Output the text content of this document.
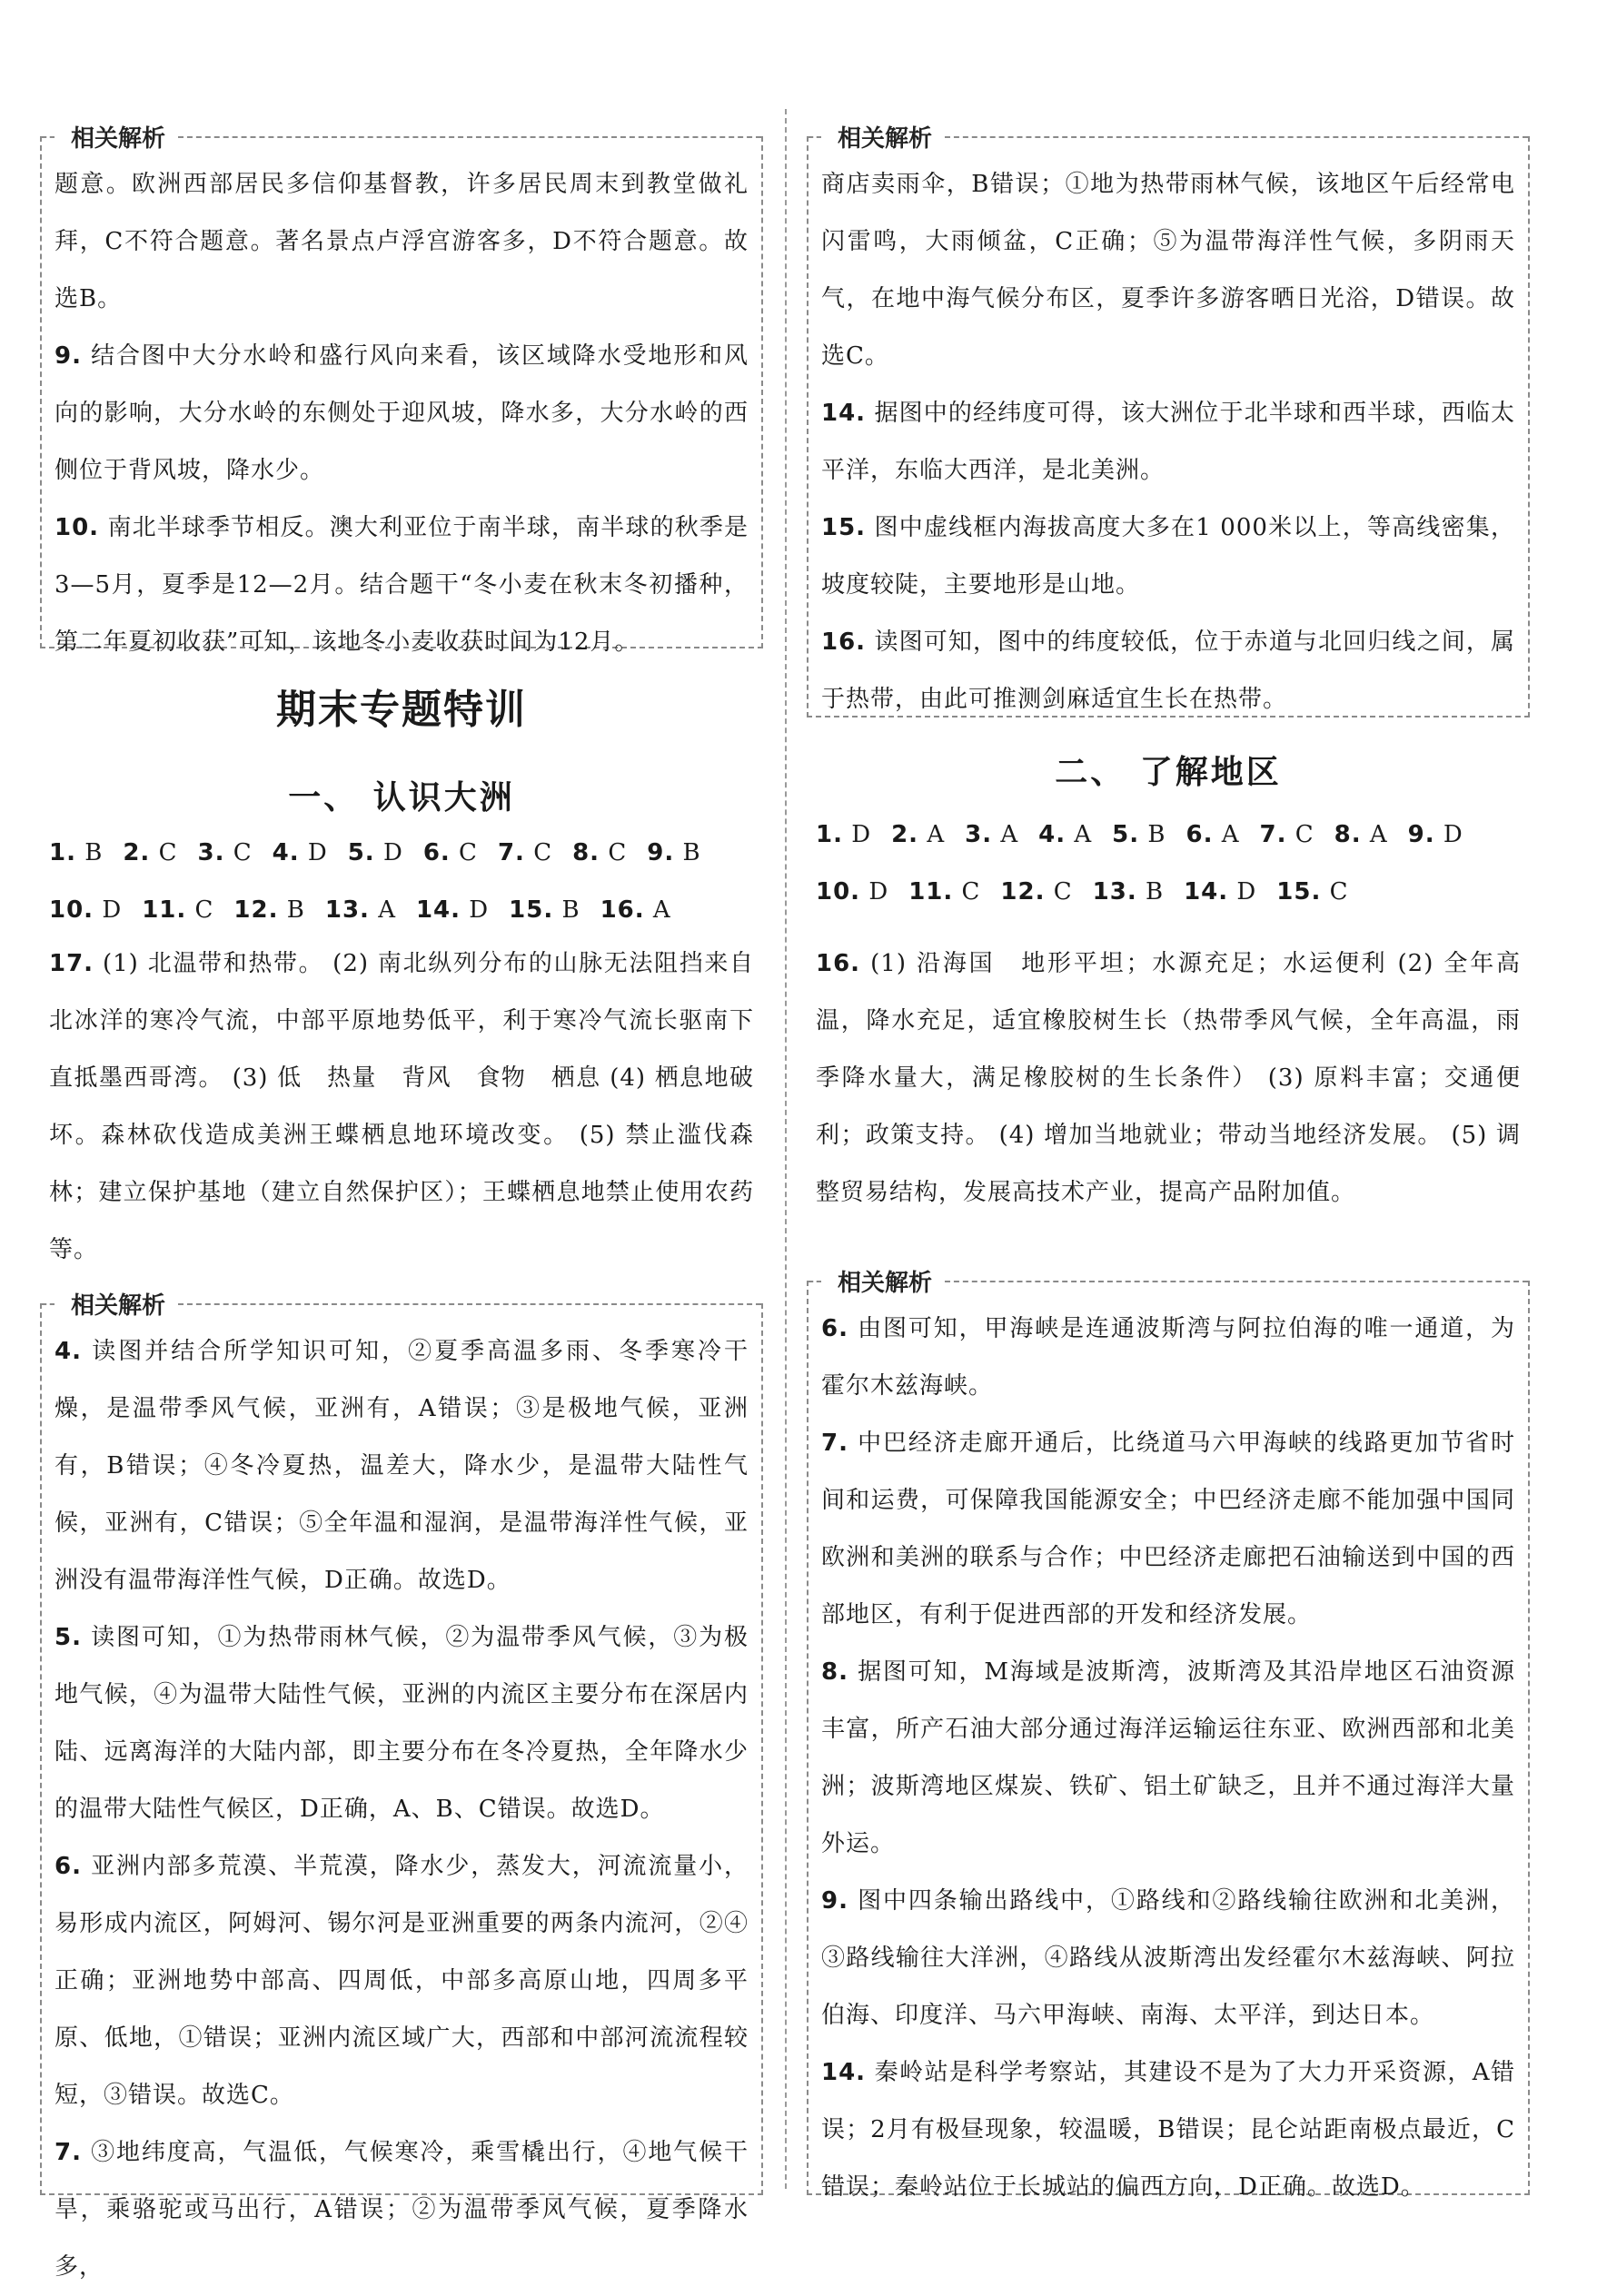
相关解析

题意。欧洲西部居民多信仰基督教，许多居民周末到教堂做礼拜，C不符合题意。著名景点卢浮宫游客多，D不符合题意。故选B。

9. 结合图中大分水岭和盛行风向来看，该区域降水受地形和风向的影响，大分水岭的东侧处于迎风坡，降水多，大分水岭的西侧位于背风坡，降水少。

10. 南北半球季节相反。澳大利亚位于南半球，南半球的秋季是3—5月，夏季是12—2月。结合题干“冬小麦在秋末冬初播种，第二年夏初收获”可知，该地冬小麦收获时间为12月。

期末专题特训
一、 认识大洲

1. B 2. C 3. C 4. D 5. D 6. C 7. C 8. C 9. B

10. D 11. C 12. B 13. A 14. D 15. B 16. A

17. (1) 北温带和热带。 (2) 南北纵列分布的山脉无法阻挡来自北冰洋的寒冷气流，中部平原地势低平，利于寒冷气流长驱南下直抵墨西哥湾。 (3) 低　热量　背风　食物　栖息 (4) 栖息地破坏。森林砍伐造成美洲王蝶栖息地环境改变。 (5) 禁止滥伐森林；建立保护基地（建立自然保护区）；王蝶栖息地禁止使用农药等。

相关解析

4. 读图并结合所学知识可知，②夏季高温多雨、冬季寒冷干燥，是温带季风气候，亚洲有，A错误；③是极地气候，亚洲有，B错误；④冬冷夏热，温差大，降水少，是温带大陆性气候，亚洲有，C错误；⑤全年温和湿润，是温带海洋性气候，亚洲没有温带海洋性气候，D正确。故选D。

5. 读图可知，①为热带雨林气候，②为温带季风气候，③为极地气候，④为温带大陆性气候，亚洲的内流区主要分布在深居内陆、远离海洋的大陆内部，即主要分布在冬冷夏热，全年降水少的温带大陆性气候区，D正确，A、B、C错误。故选D。

6. 亚洲内部多荒漠、半荒漠，降水少，蒸发大，河流流量小，易形成内流区，阿姆河、锡尔河是亚洲重要的两条内流河，②④正确；亚洲地势中部高、四周低，中部多高原山地，四周多平原、低地，①错误；亚洲内流区域广大，西部和中部河流流程较短，③错误。故选C。

7. ③地纬度高，气温低，气候寒冷，乘雪橇出行，④地气候干旱，乘骆驼或马出行，A错误；②为温带季风气候，夏季降水多，

相关解析

商店卖雨伞，B错误；①地为热带雨林气候，该地区午后经常电闪雷鸣，大雨倾盆，C正确；⑤为温带海洋性气候，多阴雨天气，在地中海气候分布区，夏季许多游客晒日光浴，D错误。故选C。

14. 据图中的经纬度可得，该大洲位于北半球和西半球，西临太平洋，东临大西洋，是北美洲。

15. 图中虚线框内海拔高度大多在1 000米以上，等高线密集，坡度较陡，主要地形是山地。

16. 读图可知，图中的纬度较低，位于赤道与北回归线之间，属于热带，由此可推测剑麻适宜生长在热带。

二、 了解地区

1. D 2. A 3. A 4. A 5. B 6. A 7. C 8. A 9. D

10. D 11. C 12. C 13. B 14. D 15. C

16. (1) 沿海国　地形平坦；水源充足；水运便利 (2) 全年高温，降水充足，适宜橡胶树生长（热带季风气候，全年高温，雨季降水量大，满足橡胶树的生长条件） (3) 原料丰富；交通便利；政策支持。 (4) 增加当地就业；带动当地经济发展。 (5) 调整贸易结构，发展高技术产业，提高产品附加值。

相关解析

6. 由图可知，甲海峡是连通波斯湾与阿拉伯海的唯一通道，为霍尔木兹海峡。

7. 中巴经济走廊开通后，比绕道马六甲海峡的线路更加节省时间和运费，可保障我国能源安全；中巴经济走廊不能加强中国同欧洲和美洲的联系与合作；中巴经济走廊把石油输送到中国的西部地区，有利于促进西部的开发和经济发展。

8. 据图可知，M海域是波斯湾，波斯湾及其沿岸地区石油资源丰富，所产石油大部分通过海洋运输运往东亚、欧洲西部和北美洲；波斯湾地区煤炭、铁矿、铝土矿缺乏，且并不通过海洋大量外运。

9. 图中四条输出路线中，①路线和②路线输往欧洲和北美洲，③路线输往大洋洲，④路线从波斯湾出发经霍尔木兹海峡、阿拉伯海、印度洋、马六甲海峡、南海、太平洋，到达日本。

14. 秦岭站是科学考察站，其建设不是为了大力开采资源，A错误；2月有极昼现象，较温暖，B错误；昆仑站距南极点最近，C错误；秦岭站位于长城站的偏西方向，D正确。故选D。
